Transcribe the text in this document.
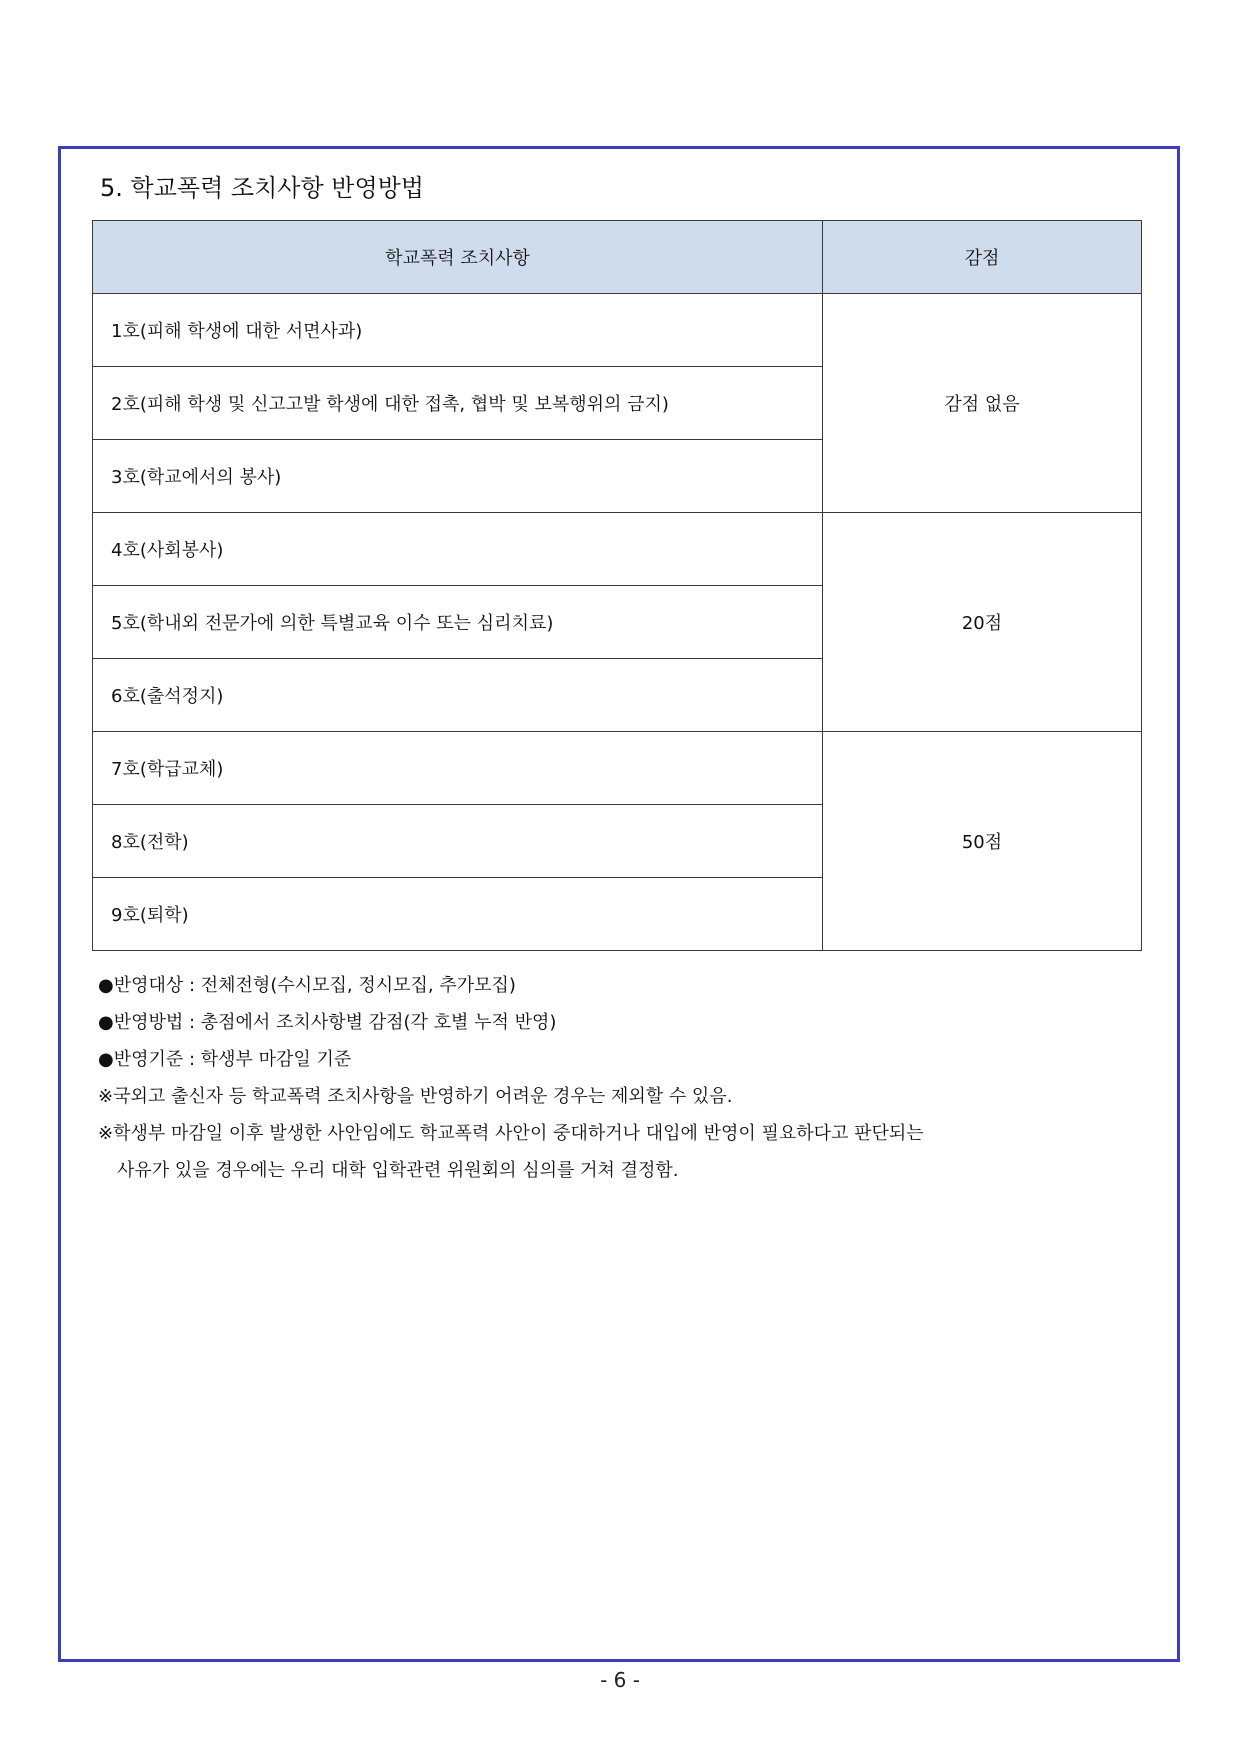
5. 학교폭력 조치사항 반영방법
학교폭력 조치사항	감점
1호(피해 학생에 대한 서면사과)	감점 없음
2호(피해 학생 및 신고고발 학생에 대한 접촉, 협박 및 보복행위의 금지)	
3호(학교에서의 봉사)	
4호(사회봉사)	20점
5호(학내외 전문가에 의한 특별교육 이수 또는 심리치료)	
6호(출석정지)	
7호(학급교체)	50점
8호(전학)	
9호(퇴학)	
●반영대상 : 전체전형(수시모집, 정시모집, 추가모집)
●반영방법 : 총점에서 조치사항별 감점(각 호별 누적 반영)
●반영기준 : 학생부 마감일 기준
※국외고 출신자 등 학교폭력 조치사항을 반영하기 어려운 경우는 제외할 수 있음.
※학생부 마감일 이후 발생한 사안임에도 학교폭력 사안이 중대하거나 대입에 반영이 필요하다고 판단되는
사유가 있을 경우에는 우리 대학 입학관련 위원회의 심의를 거쳐 결정함.
- 6 -
